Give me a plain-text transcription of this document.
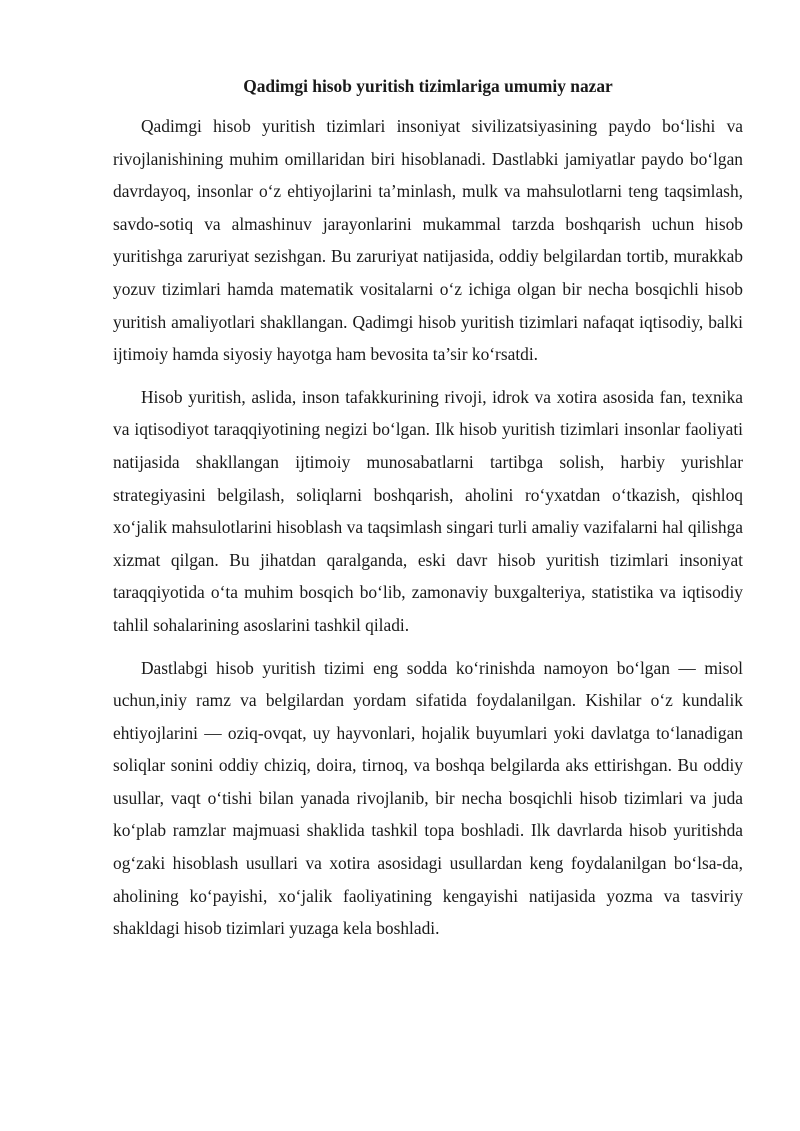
Qadimgi hisob yuritish tizimlariga umumiy nazar

Qadimgi hisob yuritish tizimlari insoniyat sivilizatsiyasining paydo bo‘lishi va rivojlanishining muhim omillaridan biri hisoblanadi. Dastlabki jamiyatlar paydo bo‘lgan davrdayoq, insonlar o‘z ehtiyojlarini ta’minlash, mulk va mahsulotlarni teng taqsimlash, savdo-sotiq va almashinuv jarayonlarini mukammal tarzda boshqarish uchun hisob yuritishga zaruriyat sezishgan. Bu zaruriyat natijasida, oddiy belgilardan tortib, murakkab yozuv tizimlari hamda matematik vositalarni o‘z ichiga olgan bir necha bosqichli hisob yuritish amaliyotlari shakllangan. Qadimgi hisob yuritish tizimlari nafaqat iqtisodiy, balki ijtimoiy hamda siyosiy hayotga ham bevosita ta’sir ko‘rsatdi.

Hisob yuritish, aslida, inson tafakkurining rivoji, idrok va xotira asosida fan, texnika va iqtisodiyot taraqqiyotining negizi bo‘lgan. Ilk hisob yuritish tizimlari insonlar faoliyati natijasida shakllangan ijtimoiy munosabatlarni tartibga solish, harbiy yurishlar strategiyasini belgilash, soliqlarni boshqarish, aholini ro‘yxatdan o‘tkazish, qishloq xo‘jalik mahsulotlarini hisoblash va taqsimlash singari turli amaliy vazifalarni hal qilishga xizmat qilgan. Bu jihatdan qaralganda, eski davr hisob yuritish tizimlari insoniyat taraqqiyotida o‘ta muhim bosqich bo‘lib, zamonaviy buxgalteriya, statistika va iqtisodiy tahlil sohalarining asoslarini tashkil qiladi.

Dastlabgi hisob yuritish tizimi eng sodda ko‘rinishda namoyon bo‘lgan — misol uchun,iniy ramz va belgilardan yordam sifatida foydalanilgan. Kishilar o‘z kundalik ehtiyojlarini — oziq-ovqat, uy hayvonlari, hojalik buyumlari yoki davlatga to‘lanadigan soliqlar sonini oddiy chiziq, doira, tirnoq, va boshqa belgilarda aks ettirishgan. Bu oddiy usullar, vaqt o‘tishi bilan yanada rivojlanib, bir necha bosqichli hisob tizimlari va juda ko‘plab ramzlar majmuasi shaklida tashkil topa boshladi. Ilk davrlarda hisob yuritishda og‘zaki hisoblash usullari va xotira asosidagi usullardan keng foydalanilgan bo‘lsa-da, aholining ko‘payishi, xo‘jalik faoliyatining kengayishi natijasida yozma va tasviriy shakldagi hisob tizimlari yuzaga kela boshladi.
